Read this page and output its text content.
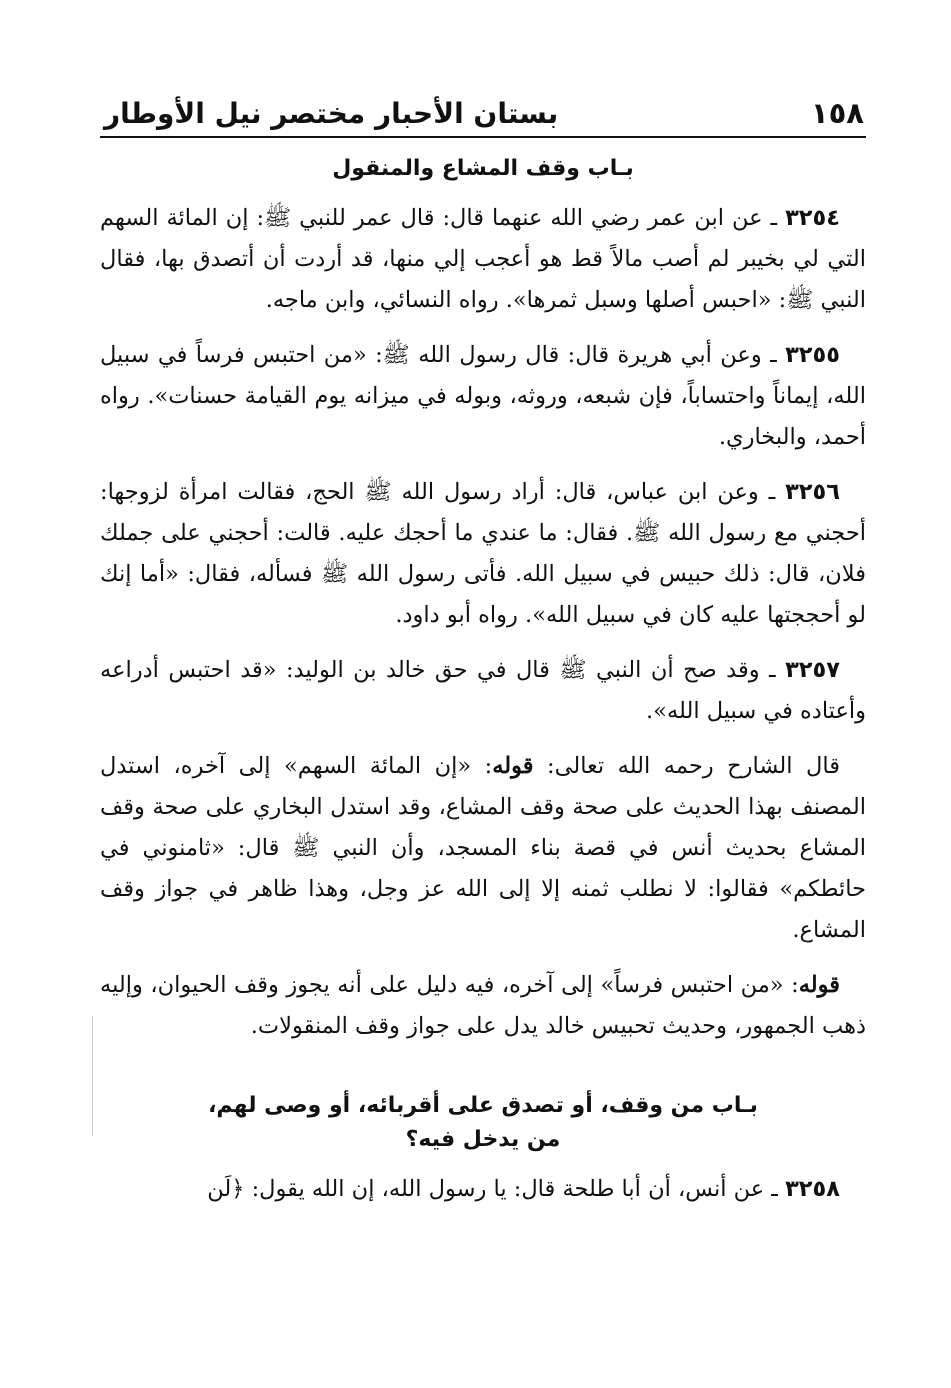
١٥٨
بستان الأحبار مختصر نيل الأوطار
بـاب وقف المشاع والمنقول

٣٢٥٤ ـ عن ابن عمر رضي الله عنهما قال: قال عمر للنبي ﷺ: إن المائة السهم التي لي بخيبر لم أصب مالاً قط هو أعجب إلي منها، قد أردت أن أتصدق بها، فقال النبي ﷺ: «احبس أصلها وسبل ثمرها». رواه النسائي، وابن ماجه.

٣٢٥٥ ـ وعن أبي هريرة قال: قال رسول الله ﷺ: «من احتبس فرساً في سبيل الله، إيماناً واحتساباً، فإن شبعه، وروثه، وبوله في ميزانه يوم القيامة حسنات». رواه أحمد، والبخاري.

٣٢٥٦ ـ وعن ابن عباس، قال: أراد رسول الله ﷺ الحج، فقالت امرأة لزوجها: أحجني مع رسول الله ﷺ. فقال: ما عندي ما أحجك عليه. قالت: أحجني على جملك فلان، قال: ذلك حبيس في سبيل الله. فأتى رسول الله ﷺ فسأله، فقال: «أما إنك لو أحججتها عليه كان في سبيل الله». رواه أبو داود.

٣٢٥٧ ـ وقد صح أن النبي ﷺ قال في حق خالد بن الوليد: «قد احتبس أدراعه وأعتاده في سبيل الله».

قال الشارح رحمه الله تعالى: قوله: «إن المائة السهم» إلى آخره، استدل المصنف بهذا الحديث على صحة وقف المشاع، وقد استدل البخاري على صحة وقف المشاع بحديث أنس في قصة بناء المسجد، وأن النبي ﷺ قال: «ثامنوني في حائطكم» فقالوا: لا نطلب ثمنه إلا إلى الله عز وجل، وهذا ظاهر في جواز وقف المشاع.

قوله: «من احتبس فرساً» إلى آخره، فيه دليل على أنه يجوز وقف الحيوان، وإليه ذهب الجمهور، وحديث تحبيس خالد يدل على جواز وقف المنقولات.

بـاب من وقف، أو تصدق على أقربائه، أو وصى لهم،
من يدخل فيه؟

٣٢٥٨ ـ عن أنس، أن أبا طلحة قال: يا رسول الله، إن الله يقول: ﴿لَن
